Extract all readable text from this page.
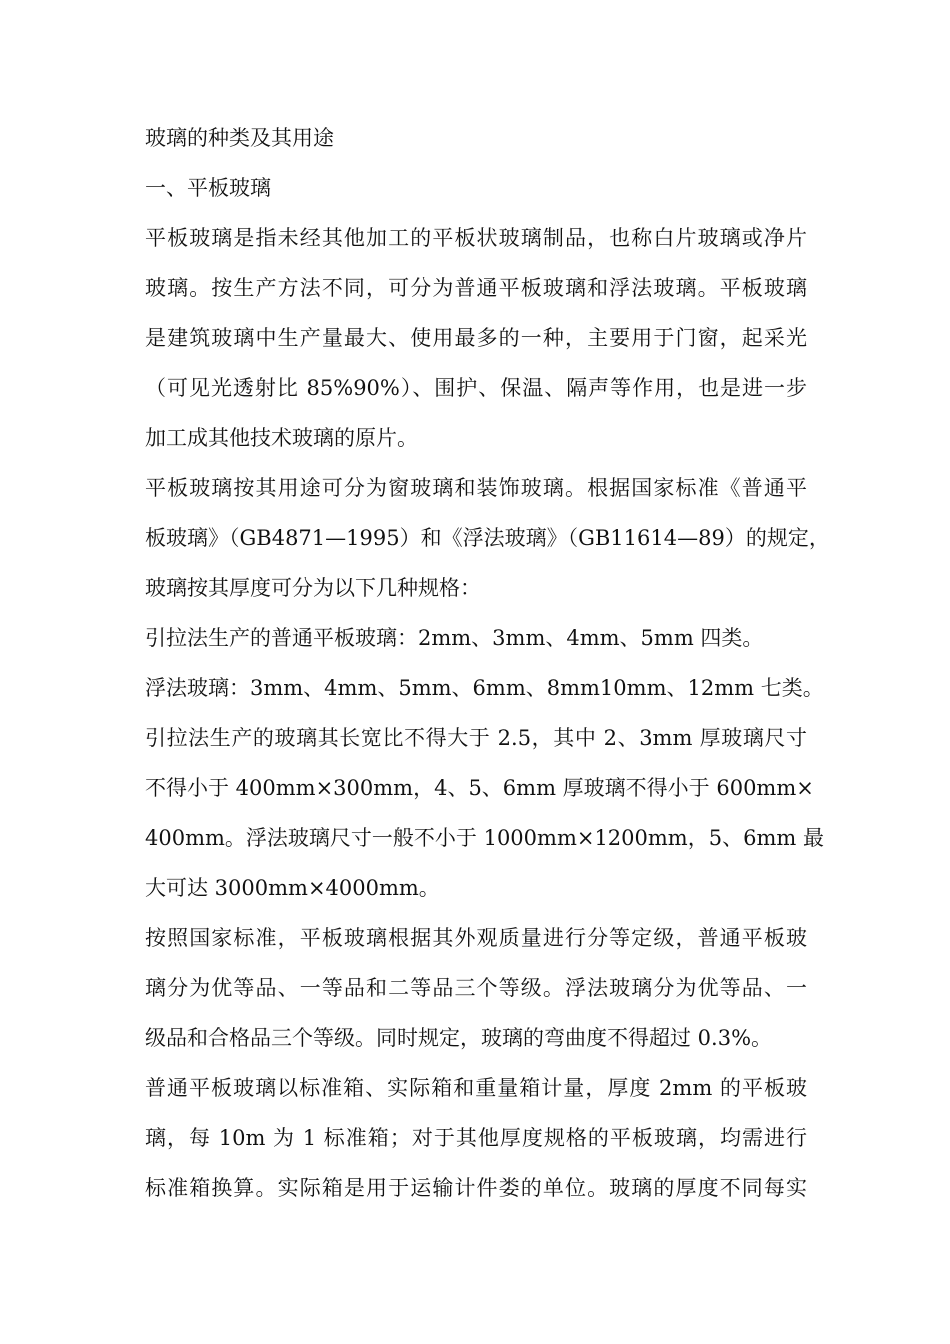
玻璃的种类及其用途
一、平板玻璃
平板玻璃是指未经其他加工的平板状玻璃制品，也称白片玻璃或净片
玻璃。按生产方法不同，可分为普通平板玻璃和浮法玻璃。平板玻璃
是建筑玻璃中生产量最大、使用最多的一种，主要用于门窗，起采光
（可见光透射比 85%90%）、围护、保温、隔声等作用，也是进一步
加工成其他技术玻璃的原片。
平板玻璃按其用途可分为窗玻璃和装饰玻璃。根据国家标准《普通平
板玻璃》（GB4871—1995）和《浮法玻璃》（GB11614—89）的规定，
玻璃按其厚度可分为以下几种规格：
引拉法生产的普通平板玻璃：2mm、3mm、4mm、5mm 四类。
浮法玻璃：3mm、4mm、5mm、6mm、8mm10mm、12mm 七类。
引拉法生产的玻璃其长宽比不得大于 2.5，其中 2、3mm 厚玻璃尺寸
不得小于 400mm×300mm，4、5、6mm 厚玻璃不得小于 600mm×
400mm。浮法玻璃尺寸一般不小于 1000mm×1200mm，5、6mm 最
大可达 3000mm×4000mm。
按照国家标准，平板玻璃根据其外观质量进行分等定级，普通平板玻
璃分为优等品、一等品和二等品三个等级。浮法玻璃分为优等品、一
级品和合格品三个等级。同时规定，玻璃的弯曲度不得超过 0.3%。
普通平板玻璃以标准箱、实际箱和重量箱计量，厚度 2mm 的平板玻
璃，每 10m 为 1 标准箱；对于其他厚度规格的平板玻璃，均需进行
标准箱换算。实际箱是用于运输计件娄的单位。玻璃的厚度不同每实
